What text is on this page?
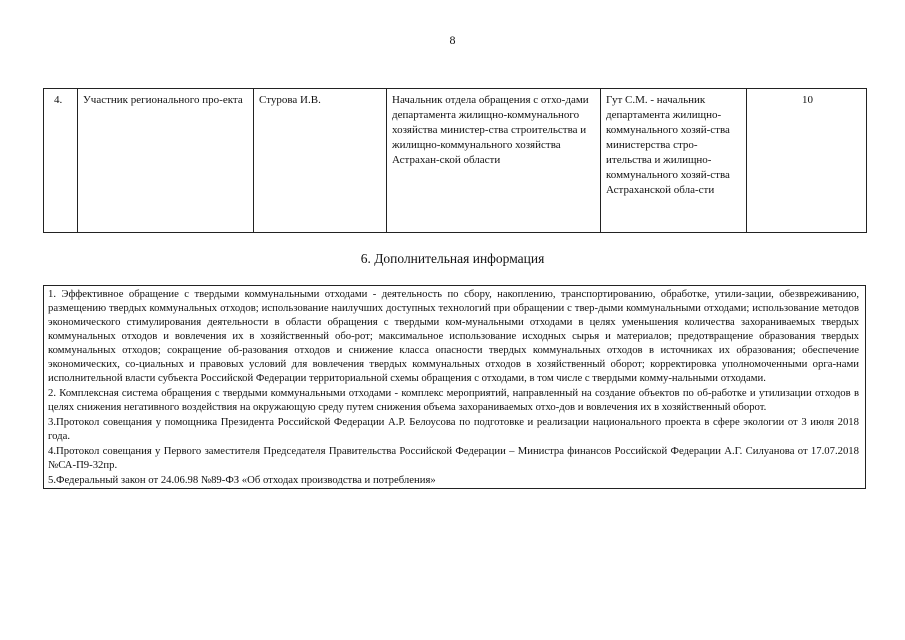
8
4.	Участник регионального про-екта	Стурова И.В.	Начальник отдела обращения с отхо-дами департамента жилищно-коммунального хозяйства министер-ства строительства и жилищно-коммунального хозяйства Астрахан-ской области	Гут С.М. - начальник департамента жилищно-коммунального хозяй-ства министерства стро-ительства и жилищно-коммунального хозяй-ства Астраханской обла-сти	10
6. Дополнительная информация
1. Эффективное обращение с твердыми коммунальными отходами - деятельность по сбору, накоплению, транспортированию, обработке, утили-зации, обезвреживанию, размещению твердых коммунальных отходов; использование наилучших доступных технологий при обращении с твер-дыми коммунальными отходами; использование методов экономического стимулирования деятельности в области обращения с твердыми ком-мунальными отходами в целях уменьшения количества захораниваемых твердых коммунальных отходов и вовлечения их в хозяйственный обо-рот; максимальное использование исходных сырья и материалов; предотвращение образования твердых коммунальных отходов; сокращение об-разования отходов и снижение класса опасности твердых коммунальных отходов в источниках их образования; обеспечение экономических, со-циальных и правовых условий для вовлечения твердых коммунальных отходов в хозяйственный оборот; корректировка уполномоченными орга-нами исполнительной власти субъекта Российской Федерации территориальной схемы обращения с отходами, в том числе с твердыми комму-нальными отходами.
2. Комплексная система обращения с твердыми коммунальными отходами - комплекс мероприятий, направленный на создание объектов по об-работке и утилизации отходов в целях снижения негативного воздействия на окружающую среду путем снижения объема захораниваемых отхо-дов и вовлечения их в хозяйственный оборот.
3.Протокол совещания у помощника Президента Российской Федерации А.Р. Белоусова по подготовке и реализации национального проекта в сфере экологии от 3 июля 2018 года.
4.Протокол совещания у Первого заместителя Председателя Правительства Российской Федерации – Министра финансов Российской Федерации А.Г. Силуанова от 17.07.2018 №СА-П9-32пр.
5.Федеральный закон от 24.06.98 №89-ФЗ «Об отходах производства и потребления»
